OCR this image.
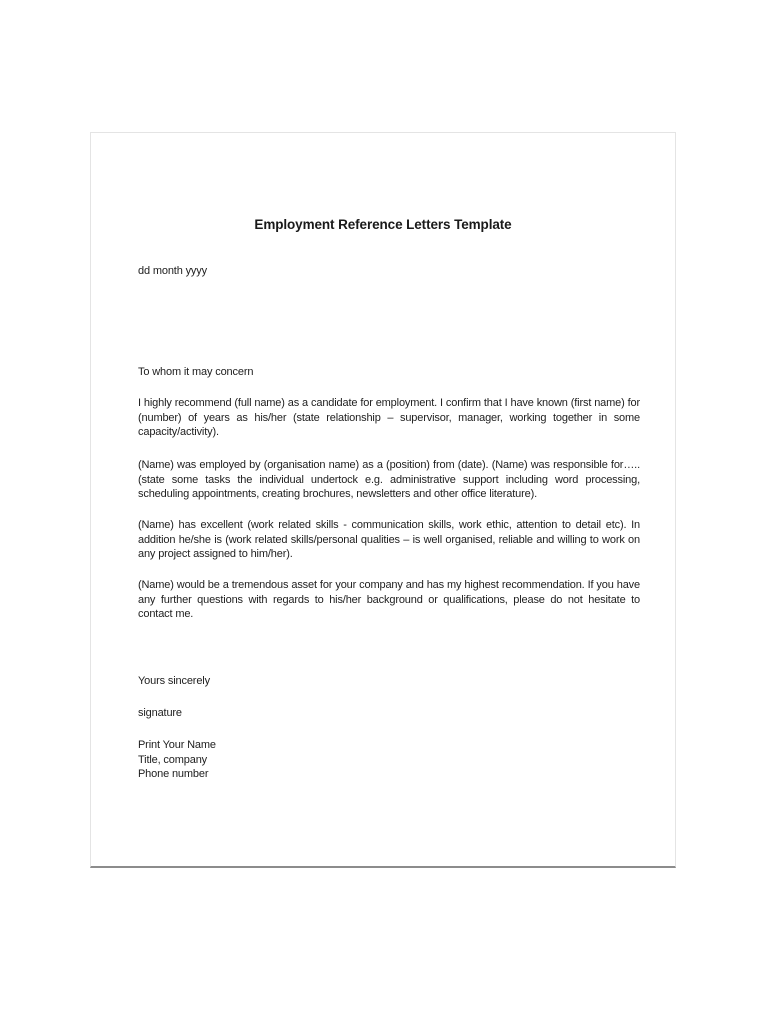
Employment Reference Letters Template
dd month yyyy
To whom it may concern
I highly recommend (full name) as a candidate for employment. I confirm that I have known (first name) for (number) of years as his/her (state relationship – supervisor, manager, working together in some capacity/activity).
(Name) was employed by (organisation name) as a (position) from (date). (Name) was responsible for….. (state some tasks the individual undertock e.g. administrative support including word processing, scheduling appointments, creating brochures, newsletters and other office literature).
(Name) has excellent (work related skills - communication skills, work ethic, attention to detail etc). In addition he/she is (work related skills/personal qualities – is well organised, reliable and willing to work on any project assigned to him/her).
(Name) would be a tremendous asset for your company and has my highest recommendation. If you have any further questions with regards to his/her background or qualifications, please do not hesitate to contact me.
Yours sincerely
signature
Print Your Name
Title, company
Phone number
